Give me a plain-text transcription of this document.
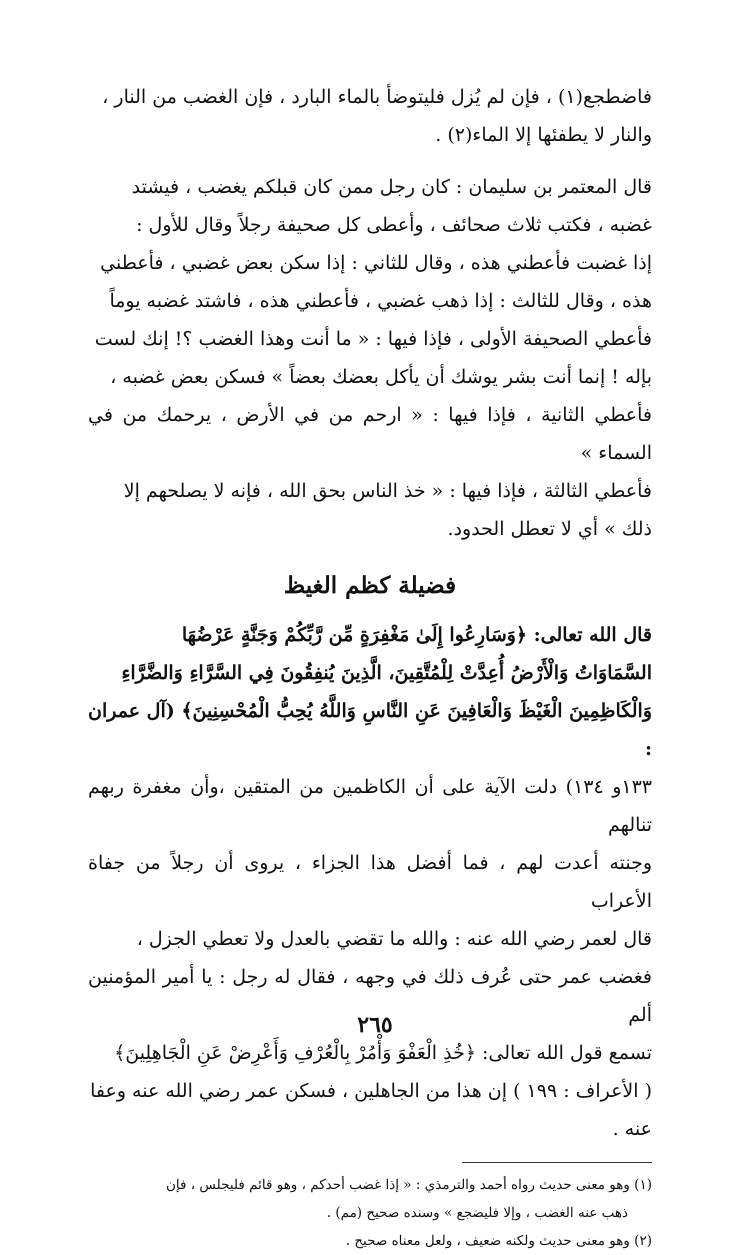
فاضطجع(١) ، فإن لم يُزل فليتوضأ بالماء البارد ، فإن الغضب من النار ،

والنار لا يطفئها إلا الماء(٢) .

قال المعتمر بن سليمان : كان رجل ممن كان قبلكم يغضب ، فيشتد

غضبه ، فكتب ثلاث صحائف ، وأعطى كل صحيفة رجلاً وقال للأول :

إذا غضبت فأعطني هذه ، وقال للثاني : إذا سكن بعض غضبي ، فأعطني

هذه ، وقال للثالث : إذا ذهب غضبي ، فأعطني هذه ، فاشتد غضبه يوماً

فأعطي الصحيفة الأولى ، فإذا فيها : « ما أنت وهذا الغضب ؟! إنك لست

بإله ! إنما أنت بشر يوشك أن يأكل بعضك بعضاً » فسكن بعض غضبه ،

فأعطي الثانية ، فإذا فيها : « ارحم من في الأرض ، يرحمك من في السماء »

فأعطي الثالثة ، فإذا فيها : « خذ الناس بحق الله ، فإنه لا يصلحهم إلا

ذلك » أي لا تعطل الحدود.

فضيلة كظم الغيظ

قال الله تعالى: ﴿وَسَارِعُوا إِلَىٰ مَغْفِرَةٍ مِّن رَّبِّكُمْ وَجَنَّةٍ عَرْضُهَا

السَّمَاوَاتُ وَالْأَرْضُ أُعِدَّتْ لِلْمُتَّقِينَ، الَّذِينَ يُنفِقُونَ فِي السَّرَّاءِ وَالضَّرَّاءِ

وَالْكَاظِمِينَ الْغَيْظَ وَالْعَافِينَ عَنِ النَّاسِ وَاللَّهُ يُحِبُّ الْمُحْسِنِينَ﴾ (آل عمران :

١٣٣و ١٣٤) دلت الآية على أن الكاظمين من المتقين ،وأن مغفرة ربهم تنالهم

وجنته أعدت لهم ، فما أفضل هذا الجزاء ، يروى أن رجلاً من جفاة الأعراب

قال لعمر رضي الله عنه : والله ما تقضي بالعدل ولا تعطي الجزل ،

فغضب عمر حتى عُرف ذلك في وجهه ، فقال له رجل : يا أمير المؤمنين ألم

تسمع قول الله تعالى: ﴿خُذِ الْعَفْوَ وَأْمُرْ بِالْعُرْفِ وَأَعْرِضْ عَنِ الْجَاهِلِينَ﴾

( الأعراف : ١٩٩ ) إن هذا من الجاهلين ، فسكن عمر رضي الله عنه وعفا

عنه .

(١) وهو معنى حديث رواه أحمد والترمذي : « إذا غضب أحدكم ، وهو قائم فليجلس ، فإن

ذهب عنه الغضب ، وإلا فليضجع » وسنده صحيح (مم) .

(٢) وهو معنى حديث ولكنه ضعيف ، ولعل معناه صحيح .

٢٦٥
